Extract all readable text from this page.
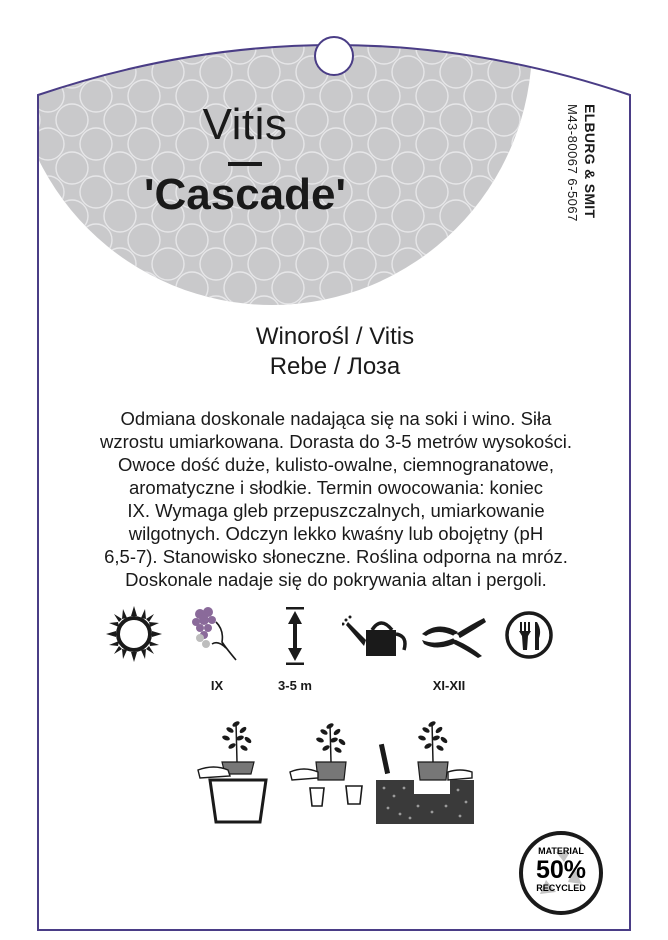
Vitis
'Cascade'	ELBURG & SMIT
M43-80067 6-5067
Winorośl / Vitis
Rebe / Лоза
Odmiana doskonale nadająca się na soki i wino. Siła
wzrostu umiarkowana. Dorasta do 3-5 metrów wysokości.
Owoce dość duże, kulisto-owalne, ciemnogranatowe,
aromatyczne i słodkie. Termin owocowania: koniec
IX. Wymaga gleb przepuszczalnych, umiarkowanie
wilgotnych. Odczyn lekko kwaśny lub obojętny (pH
6,5-7). Stanowisko słoneczne. Roślina odporna na mróz.
Doskonale nadaje się do pokrywania altan i pergoli.
IX	3-5 m	XI-XII
MATERIAL
50%
RECYCLED
